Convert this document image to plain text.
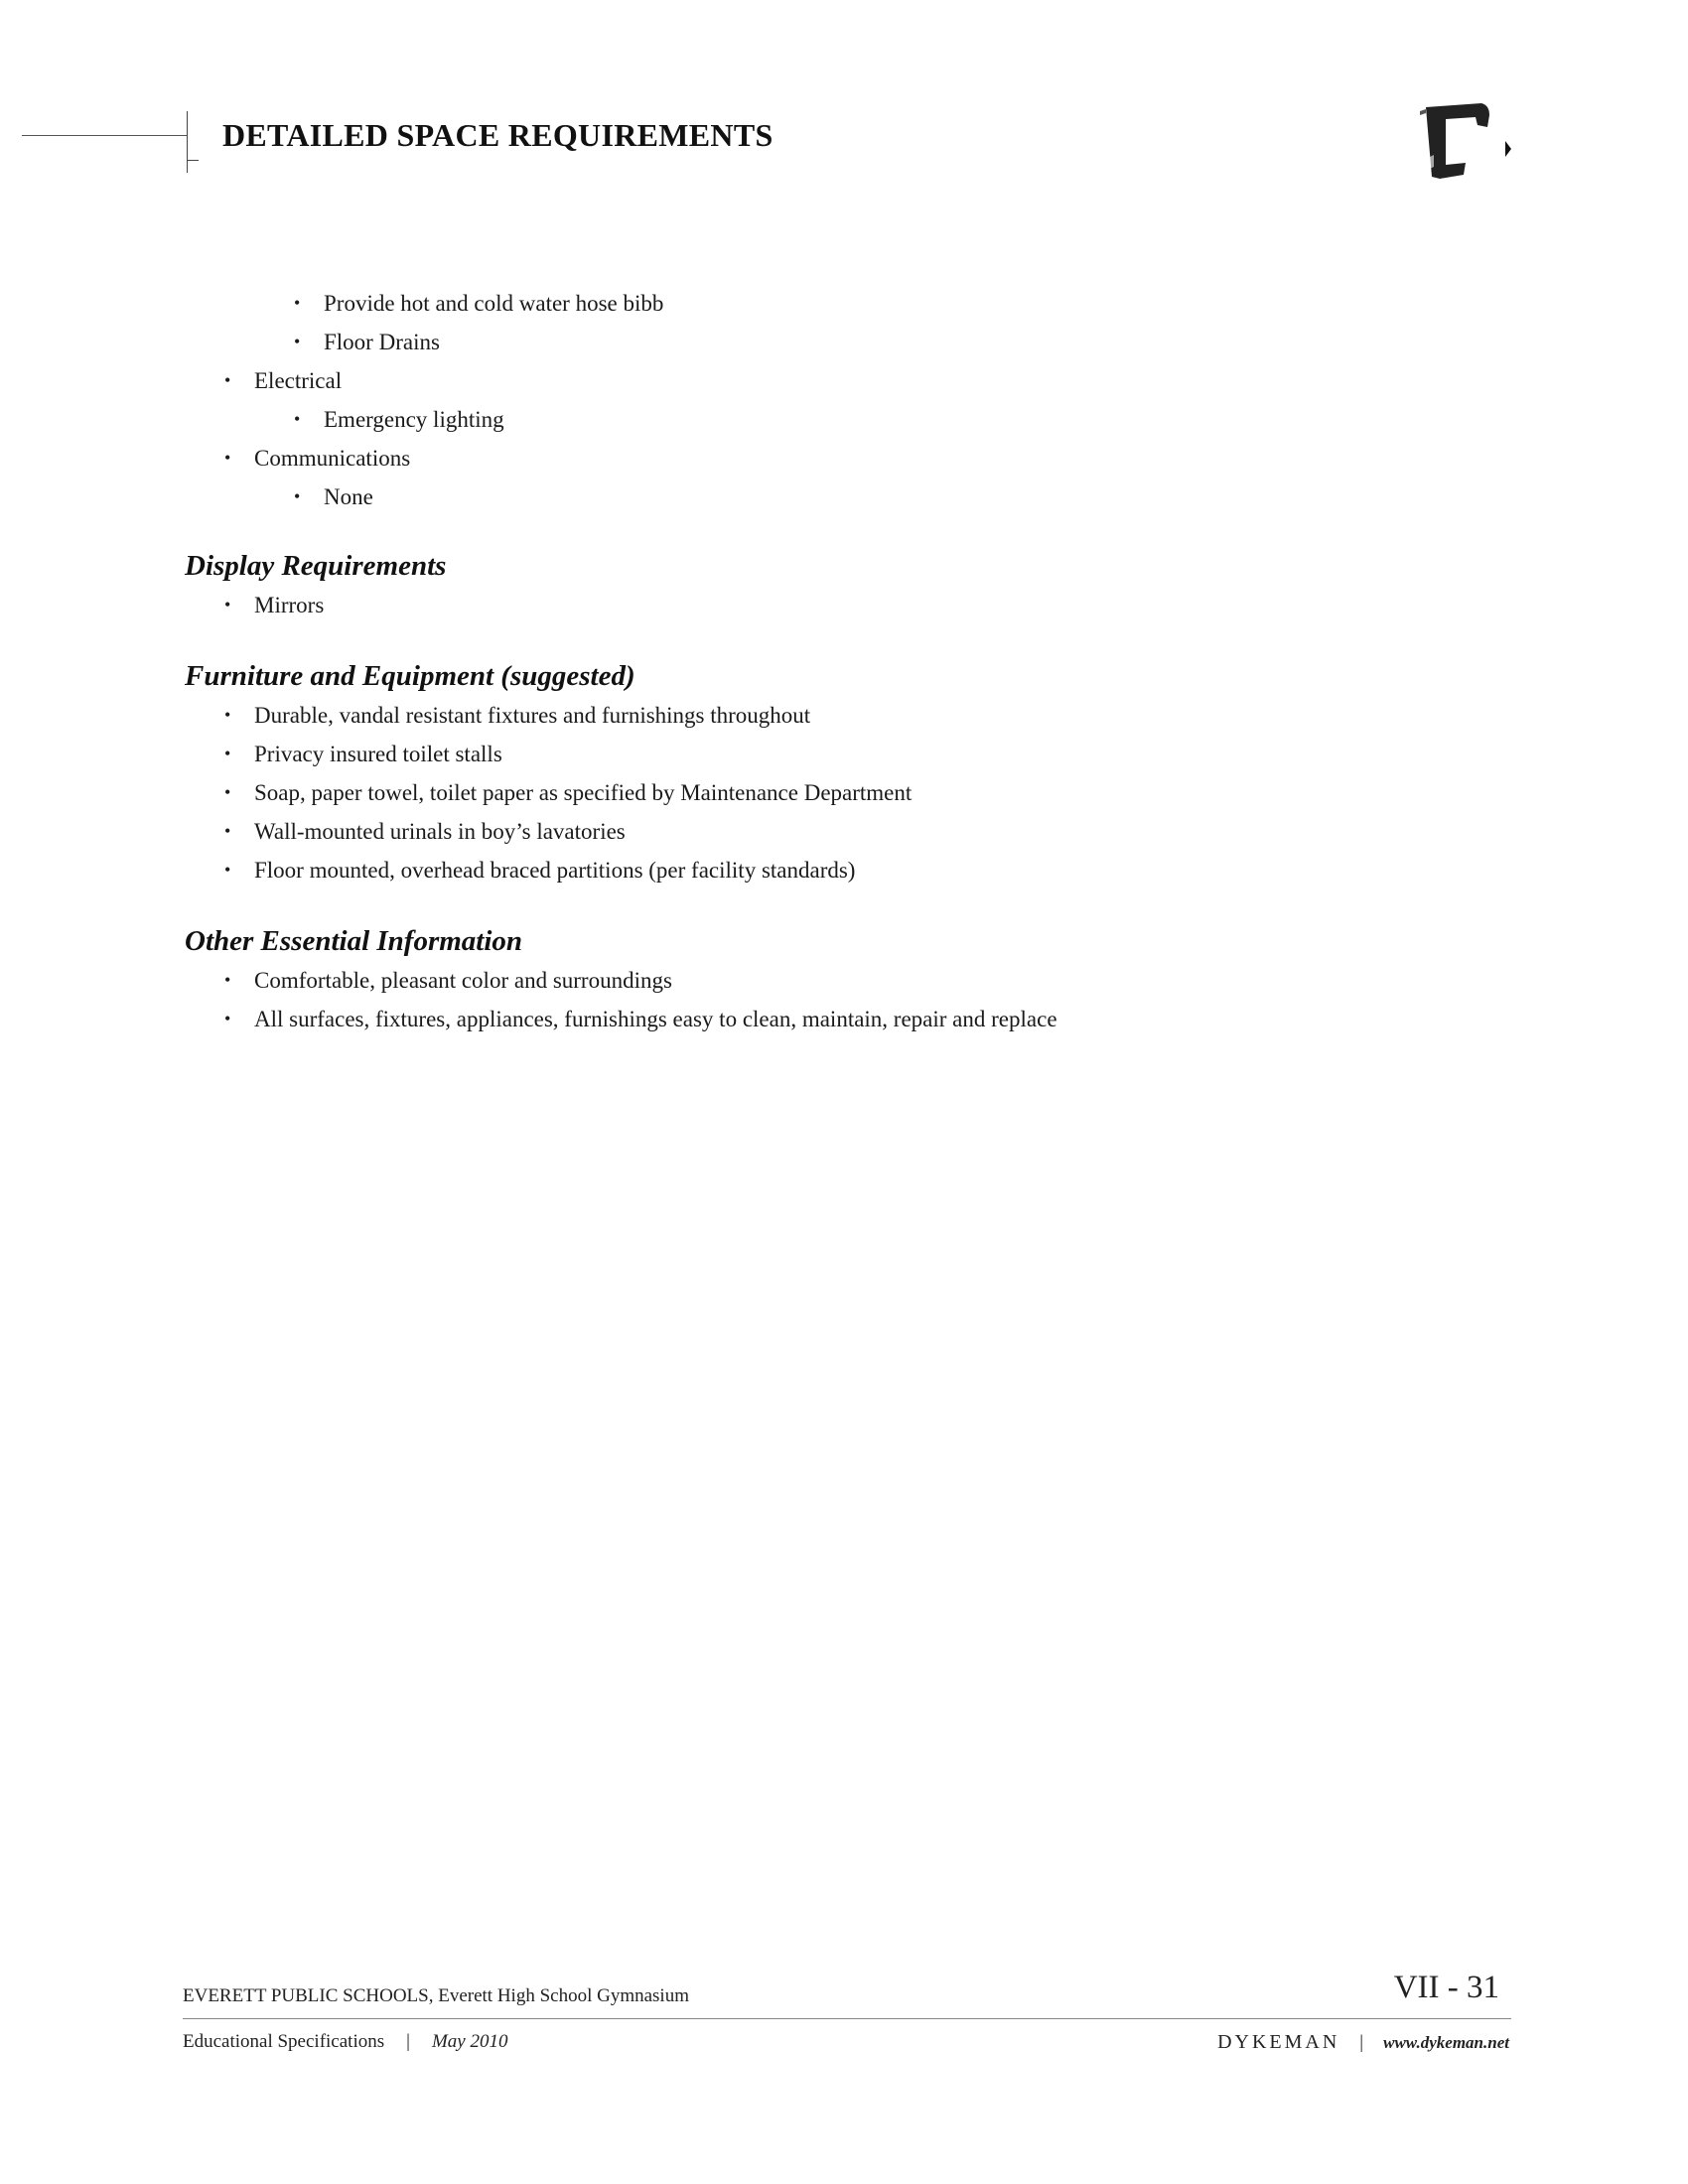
DETAILED SPACE REQUIREMENTS
• Provide hot and cold water hose bibb
• Floor Drains
• Electrical
• Emergency lighting
• Communications
• None
Display Requirements
• Mirrors
Furniture and Equipment (suggested)
• Durable, vandal resistant fixtures and furnishings throughout
• Privacy insured toilet stalls
• Soap, paper towel, toilet paper as specified by Maintenance Department
• Wall-mounted urinals in boy’s lavatories
• Floor mounted, overhead braced partitions (per facility standards)
Other Essential Information
• Comfortable, pleasant color and surroundings
• All surfaces, fixtures, appliances, furnishings easy to clean, maintain, repair and replace
EVERETT PUBLIC SCHOOLS, Everett High School Gymnasium	VII - 31
Educational Specifications | May 2010	DYKEMAN | www.dykeman.net
